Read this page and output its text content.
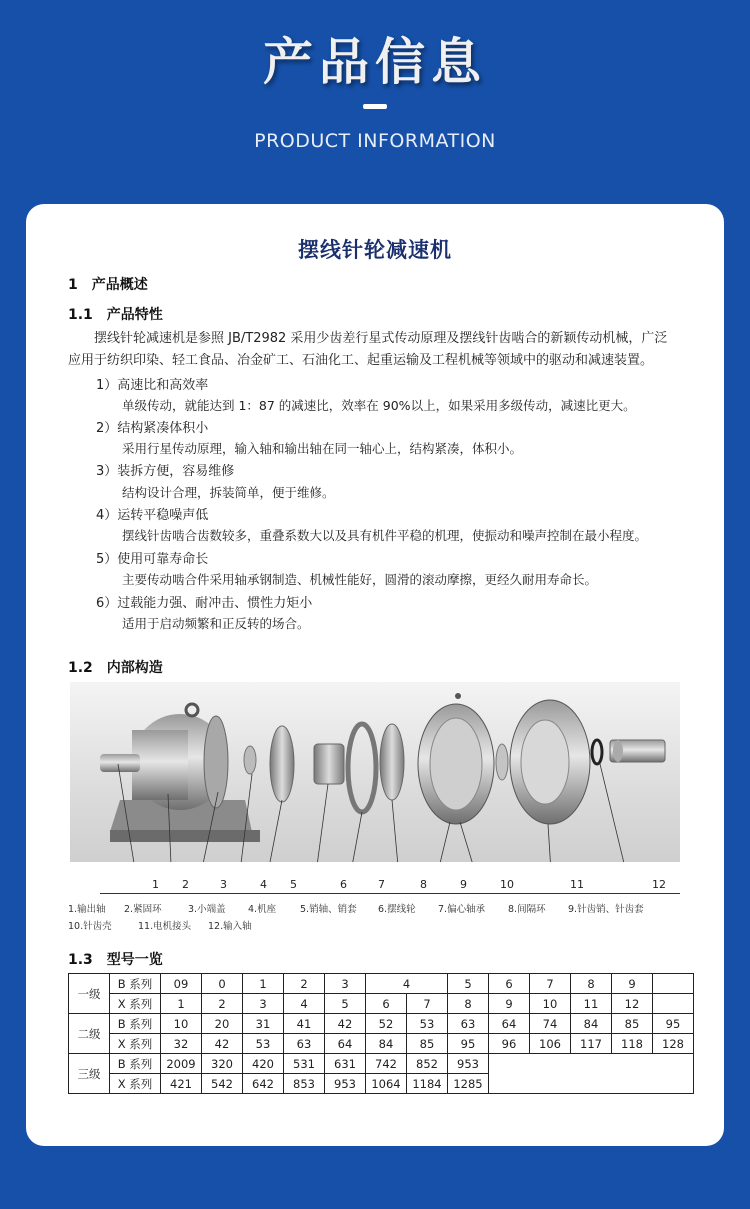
产品信息
PRODUCT INFORMATION
摆线针轮减速机
1　产品概述
1.1　产品特性
摆线针轮减速机是参照 JB/T2982 采用少齿差行星式传动原理及摆线针齿啮合的新颖传动机械，广泛
应用于纺织印染、轻工食品、冶金矿工、石油化工、起重运输及工程机械等领域中的驱动和减速装置。
1）高速比和高效率
单级传动，就能达到 1：87 的减速比，效率在 90%以上，如果采用多级传动，减速比更大。
2）结构紧凑体积小
采用行星传动原理，输入轴和输出轴在同一轴心上，结构紧凑，体积小。
3）装拆方便，容易维修
结构设计合理，拆装简单，便于维修。
4）运转平稳噪声低
摆线针齿啮合齿数较多，重叠系数大以及具有机件平稳的机理，使振动和噪声控制在最小程度。
5）使用可靠寿命长
主要传动啮合件采用轴承钢制造、机械性能好，圆滑的滚动摩擦，更经久耐用寿命长。
6）过载能力强、耐冲击、惯性力矩小
适用于启动频繁和正反转的场合。
1.2　内部构造
1 2	3	4 5	6	7	8	9	10	11	12
1.输出轴 2.紧固环	3.小端盖 4.机座	5.销轴、销套 6.摆线轮 7.偏心轴承 8.间隔环 9.针齿销、针齿套
10.针齿壳	11.电机接头 12.输入轴
1.3　型号一览
一级	B 系列	09	0	1	2	3	4		5	6	7	8	9	
	X 系列	1	2	3	4	5	6	7	8	9	10	11	12	
二级	B 系列	10	20	31	41	42	52	53	63	64	74	84	85	95
	X 系列	32	42	53	63	64	84	85	95	96	106	117	118	128
三级	B 系列	2009	320	420	531	631	742	852	953					
	X 系列	421	542	642	853	953	1064	1184	1285					
